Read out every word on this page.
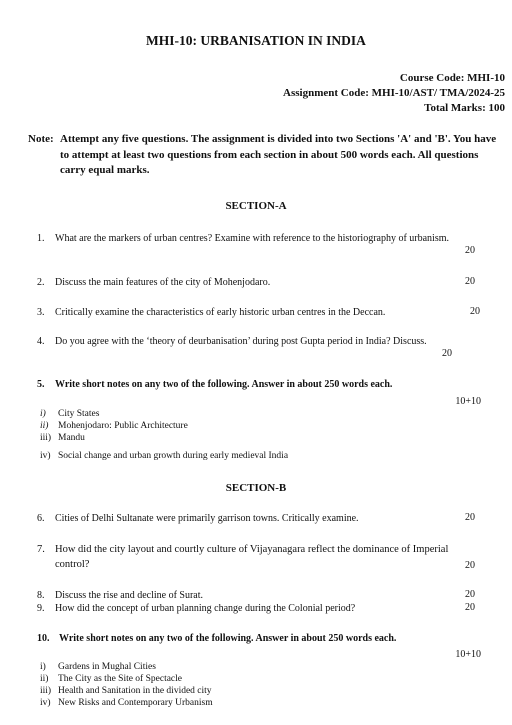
MHI-10: URBANISATION IN INDIA
Course Code: MHI-10
Assignment Code: MHI-10/AST/ TMA/2024-25
Total Marks: 100
Note: Attempt any five questions. The assignment is divided into two Sections 'A' and 'B'. You have to attempt at least two questions from each section in about 500 words each. All questions carry equal marks.
SECTION-A
1. What are the markers of urban centres? Examine with reference to the historiography of urbanism.
20
2. Discuss the main features of the city of Mohenjodaro.	20
3. Critically examine the characteristics of early historic urban centres in the Deccan.	20
4. Do you agree with the ‘theory of deurbanisation’ during post Gupta period in India? Discuss.
20
5. Write short notes on any two of the following. Answer in about 250 words each.
10+10
i) City States
ii) Mohenjodaro: Public Architecture
iii) Mandu
iv) Social change and urban growth during early medieval India
SECTION-B
6. Cities of Delhi Sultanate were primarily garrison towns. Critically examine.	20
7. How did the city layout and courtly culture of Vijayanagara reflect the dominance of Imperial control?	20
8. Discuss the rise and decline of Surat.	20
9. How did the concept of urban planning change during the Colonial period?	20
10. Write short notes on any two of the following. Answer in about 250 words each.
10+10
i) Gardens in Mughal Cities
ii) The City as the Site of Spectacle
iii) Health and Sanitation in the divided city
iv) New Risks and Contemporary Urbanism
